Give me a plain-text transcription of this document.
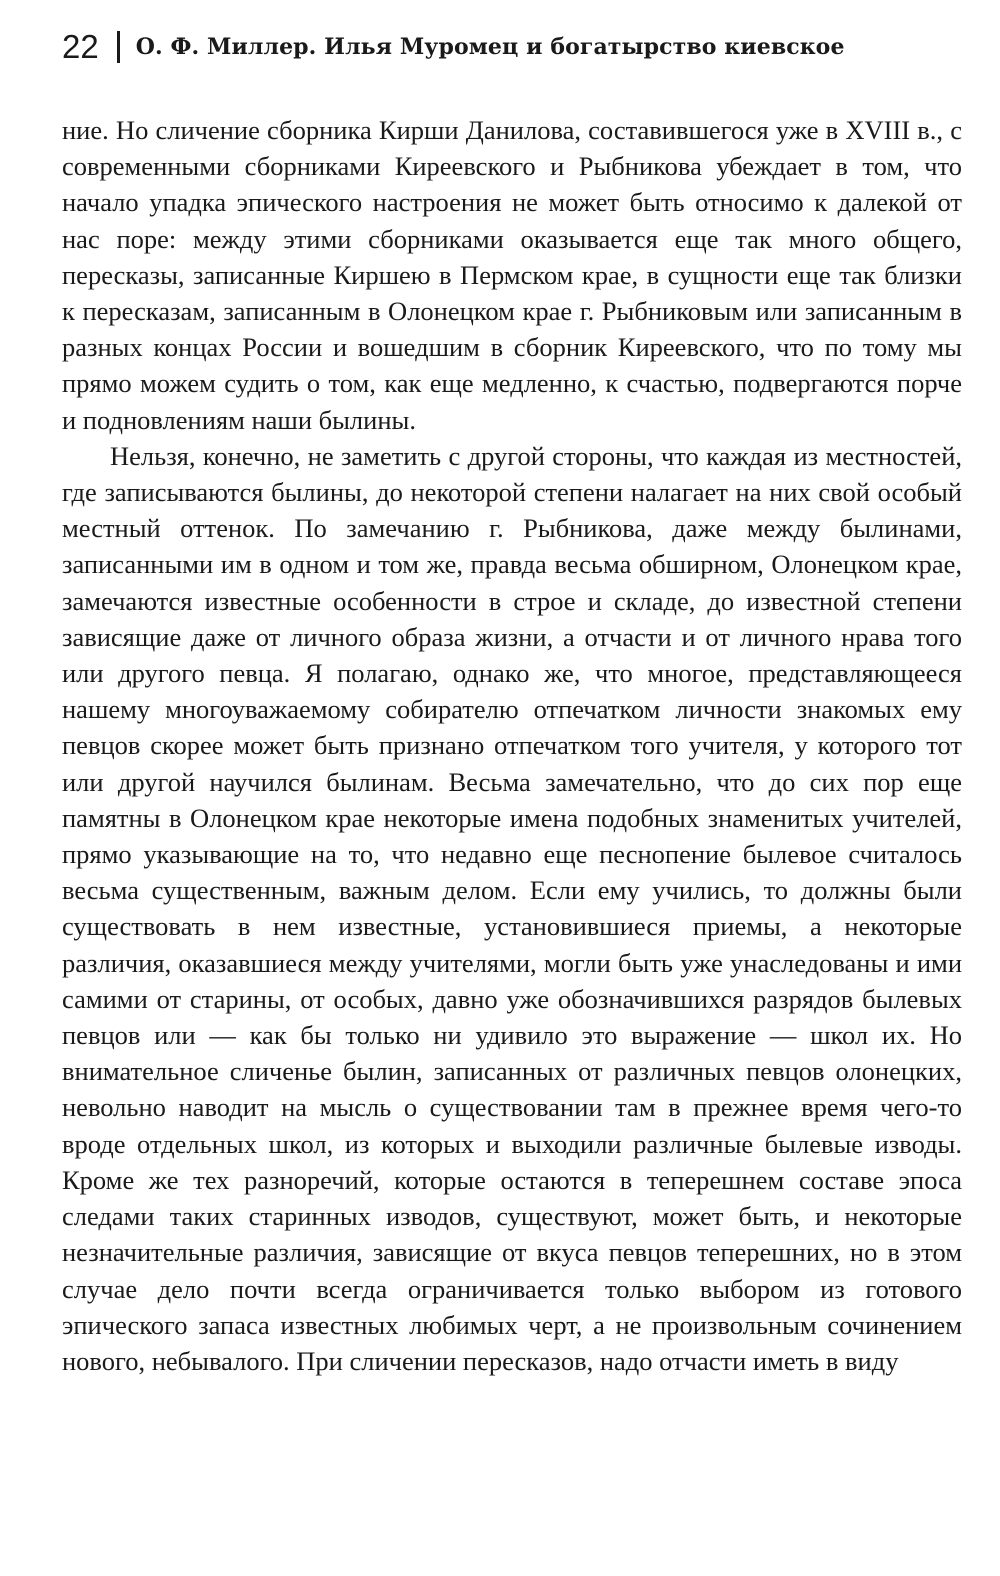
22 О. Ф. Миллер. Илья Муромец и богатырство киевское

ние. Но сличение сборника Кирши Данилова, составившегося уже в XVIII в., с современными сборниками Киреевского и Рыбникова убеждает в том, что начало упадка эпического настроения не может быть относимо к далекой от нас поре: между этими сборниками оказывается еще так много общего, пересказы, записанные Киршею в Пермском крае, в сущности еще так близки к пересказам, записанным в Олонецком крае г. Рыбниковым или записанным в разных концах России и вошедшим в сборник Киреевского, что по тому мы прямо можем судить о том, как еще медленно, к счастью, подвергаются порче и подновлениям наши былины.

Нельзя, конечно, не заметить с другой стороны, что каждая из местностей, где записываются былины, до некоторой степени налагает на них свой особый местный оттенок. По замечанию г. Рыбникова, даже между былинами, записанными им в одном и том же, правда весьма обширном, Олонецком крае, замечаются известные особенности в строе и складе, до известной степени зависящие даже от личного образа жизни, а отчасти и от личного нрава того или другого певца. Я полагаю, однако же, что многое, представляющееся нашему многоуважаемому собирателю отпечатком личности знакомых ему певцов скорее может быть признано отпечатком того учителя, у которого тот или другой научился былинам. Весьма замечательно, что до сих пор еще памятны в Олонецком крае некоторые имена подобных знаменитых учителей, прямо указывающие на то, что недавно еще песнопение былевое считалось весьма существенным, важным делом. Если ему учились, то должны были существовать в нем известные, установившиеся приемы, а некоторые различия, оказавшиеся между учителями, могли быть уже унаследованы и ими самими от старины, от особых, давно уже обозначившихся разрядов былевых певцов или — как бы только ни удивило это выражение — школ их. Но внимательное сличенье былин, записанных от различных певцов олонецких, невольно наводит на мысль о существовании там в прежнее время чего-то вроде отдельных школ, из которых и выходили различные былевые изводы. Кроме же тех разноречий, которые остаются в теперешнем составе эпоса следами таких старинных изводов, существуют, может быть, и некоторые незначительные различия, зависящие от вкуса певцов теперешних, но в этом случае дело почти всегда ограничивается только выбором из готового эпического запаса известных любимых черт, а не произвольным сочинением нового, небывалого. При сличении пересказов, надо отчасти иметь в виду
